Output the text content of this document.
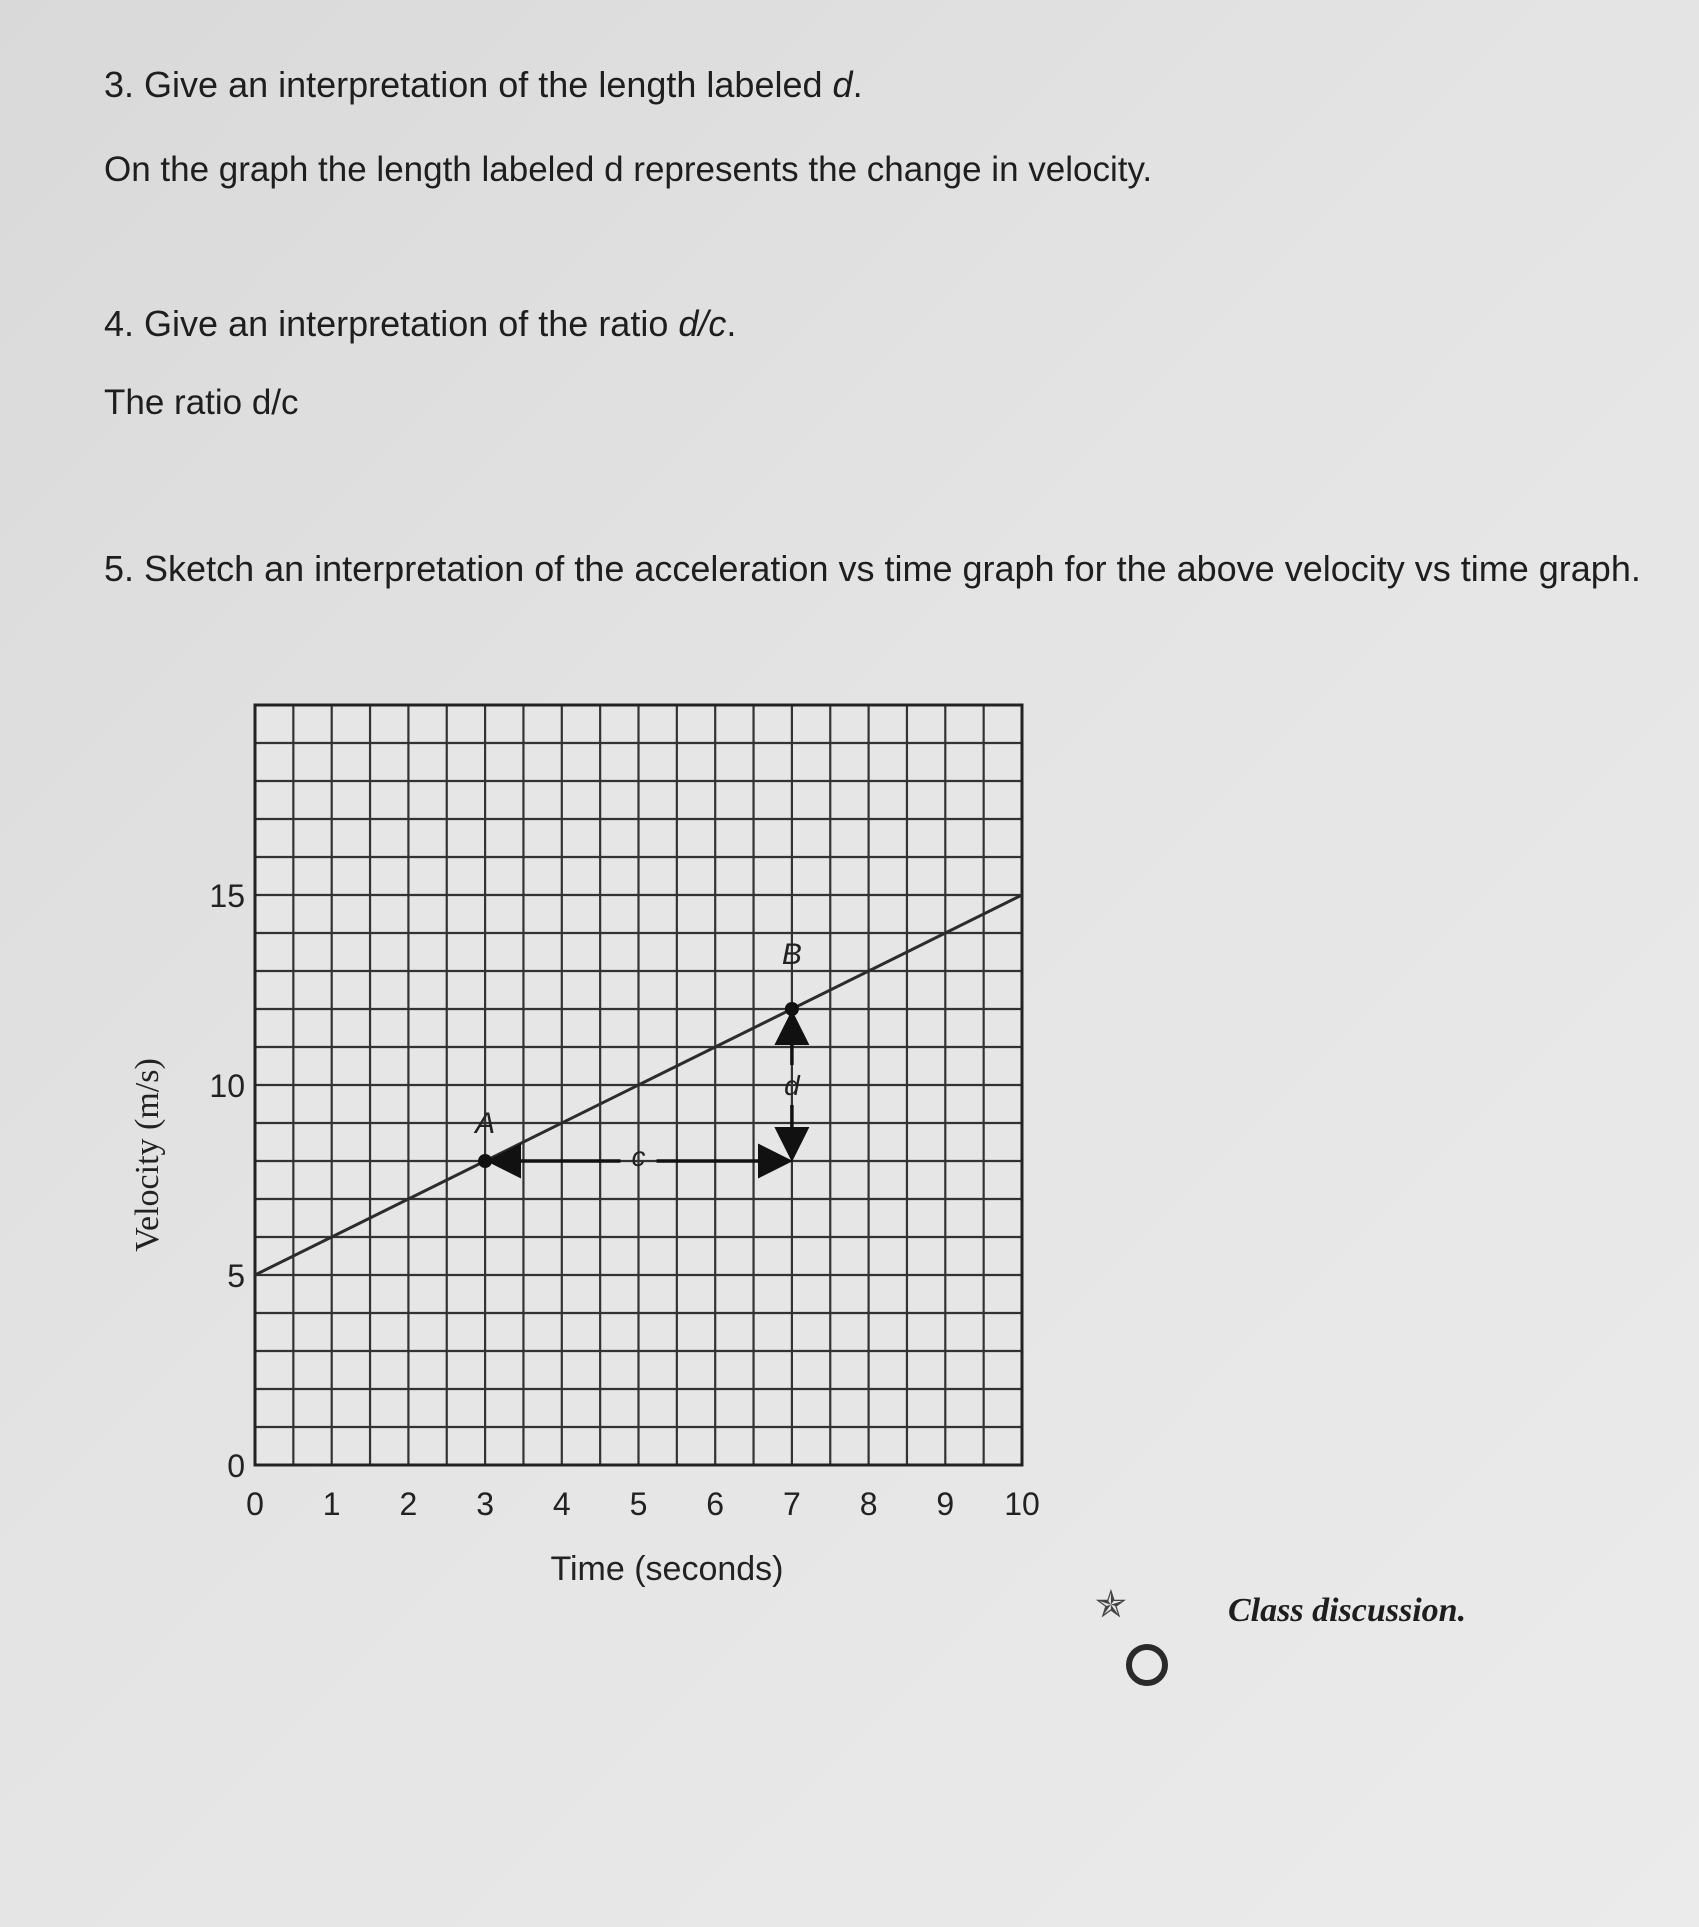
3. Give an interpretation of the length labeled d.

On the graph the length labeled d represents the change in velocity.

4. Give an interpretation of the ratio d/c.

The ratio d/c

5. Sketch an interpretation of the acceleration vs time graph for the above velocity vs time graph.

0 1 2 3 4 5 6 7 8 9 10
0
5
10
15
A
B
c
d
Time (seconds)
Velocity (m/s)
✯	Class discussion.
